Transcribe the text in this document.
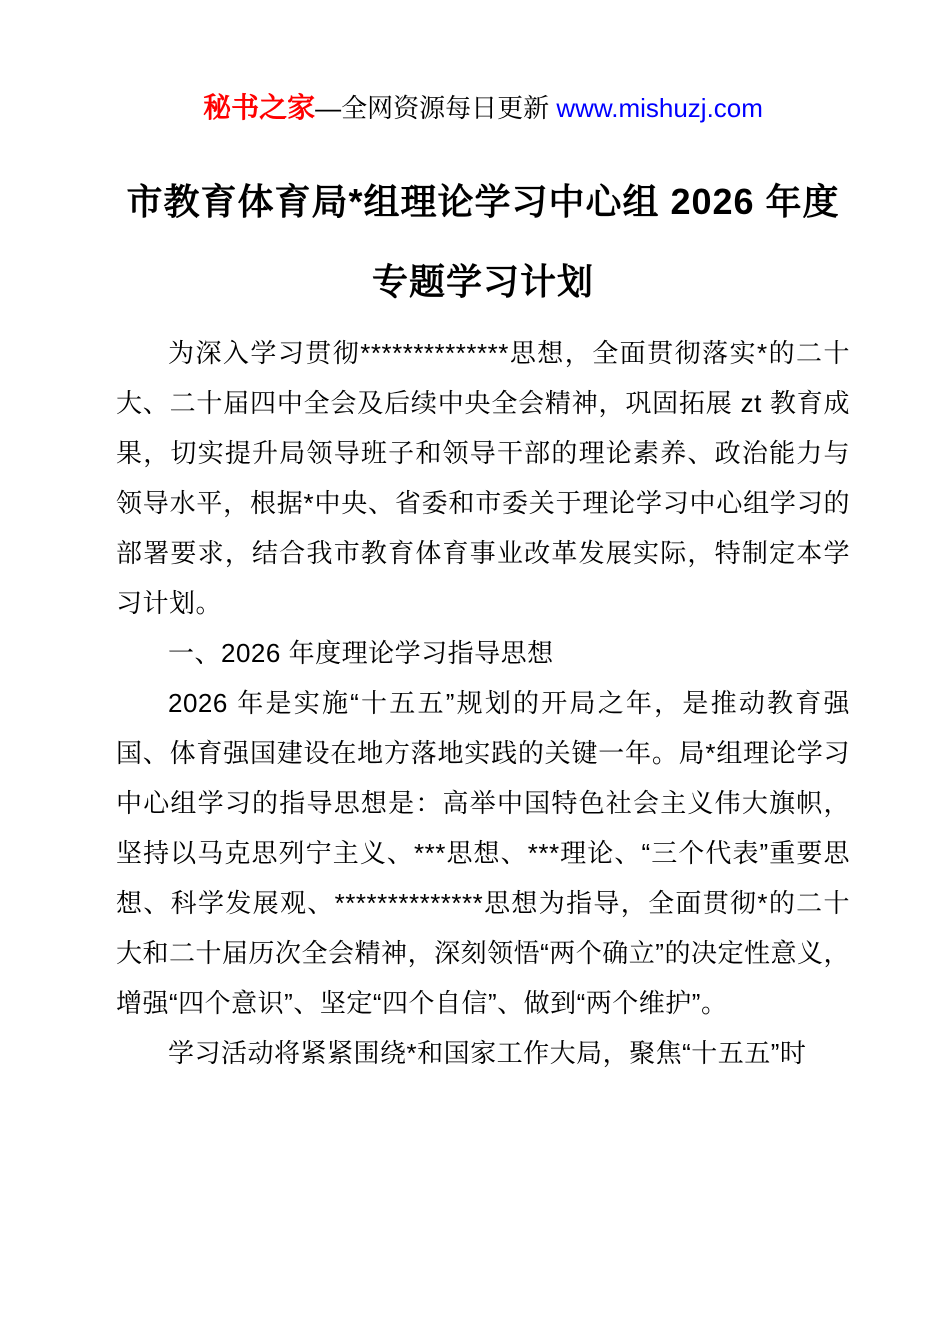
秘书之家—全网资源每日更新 www.mishuzj.com
市教育体育局*组理论学习中心组 2026 年度
专题学习计划

为深入学习贯彻**************思想，全面贯彻落实*的二十大、二十届四中全会及后续中央全会精神，巩固拓展 zt 教育成果，切实提升局领导班子和领导干部的理论素养、政治能力与领导水平，根据*中央、省委和市委关于理论学习中心组学习的部署要求，结合我市教育体育事业改革发展实际，特制定本学习计划。

一、2026 年度理论学习指导思想

2026 年是实施“十五五”规划的开局之年，是推动教育强国、体育强国建设在地方落地实践的关键一年。局*组理论学习中心组学习的指导思想是：高举中国特色社会主义伟大旗帜，坚持以马克思列宁主义、***思想、***理论、“三个代表”重要思想、科学发展观、**************思想为指导，全面贯彻*的二十大和二十届历次全会精神，深刻领悟“两个确立”的决定性意义，增强“四个意识”、坚定“四个自信”、做到“两个维护”。

学习活动将紧紧围绕*和国家工作大局，聚焦“十五五”时
